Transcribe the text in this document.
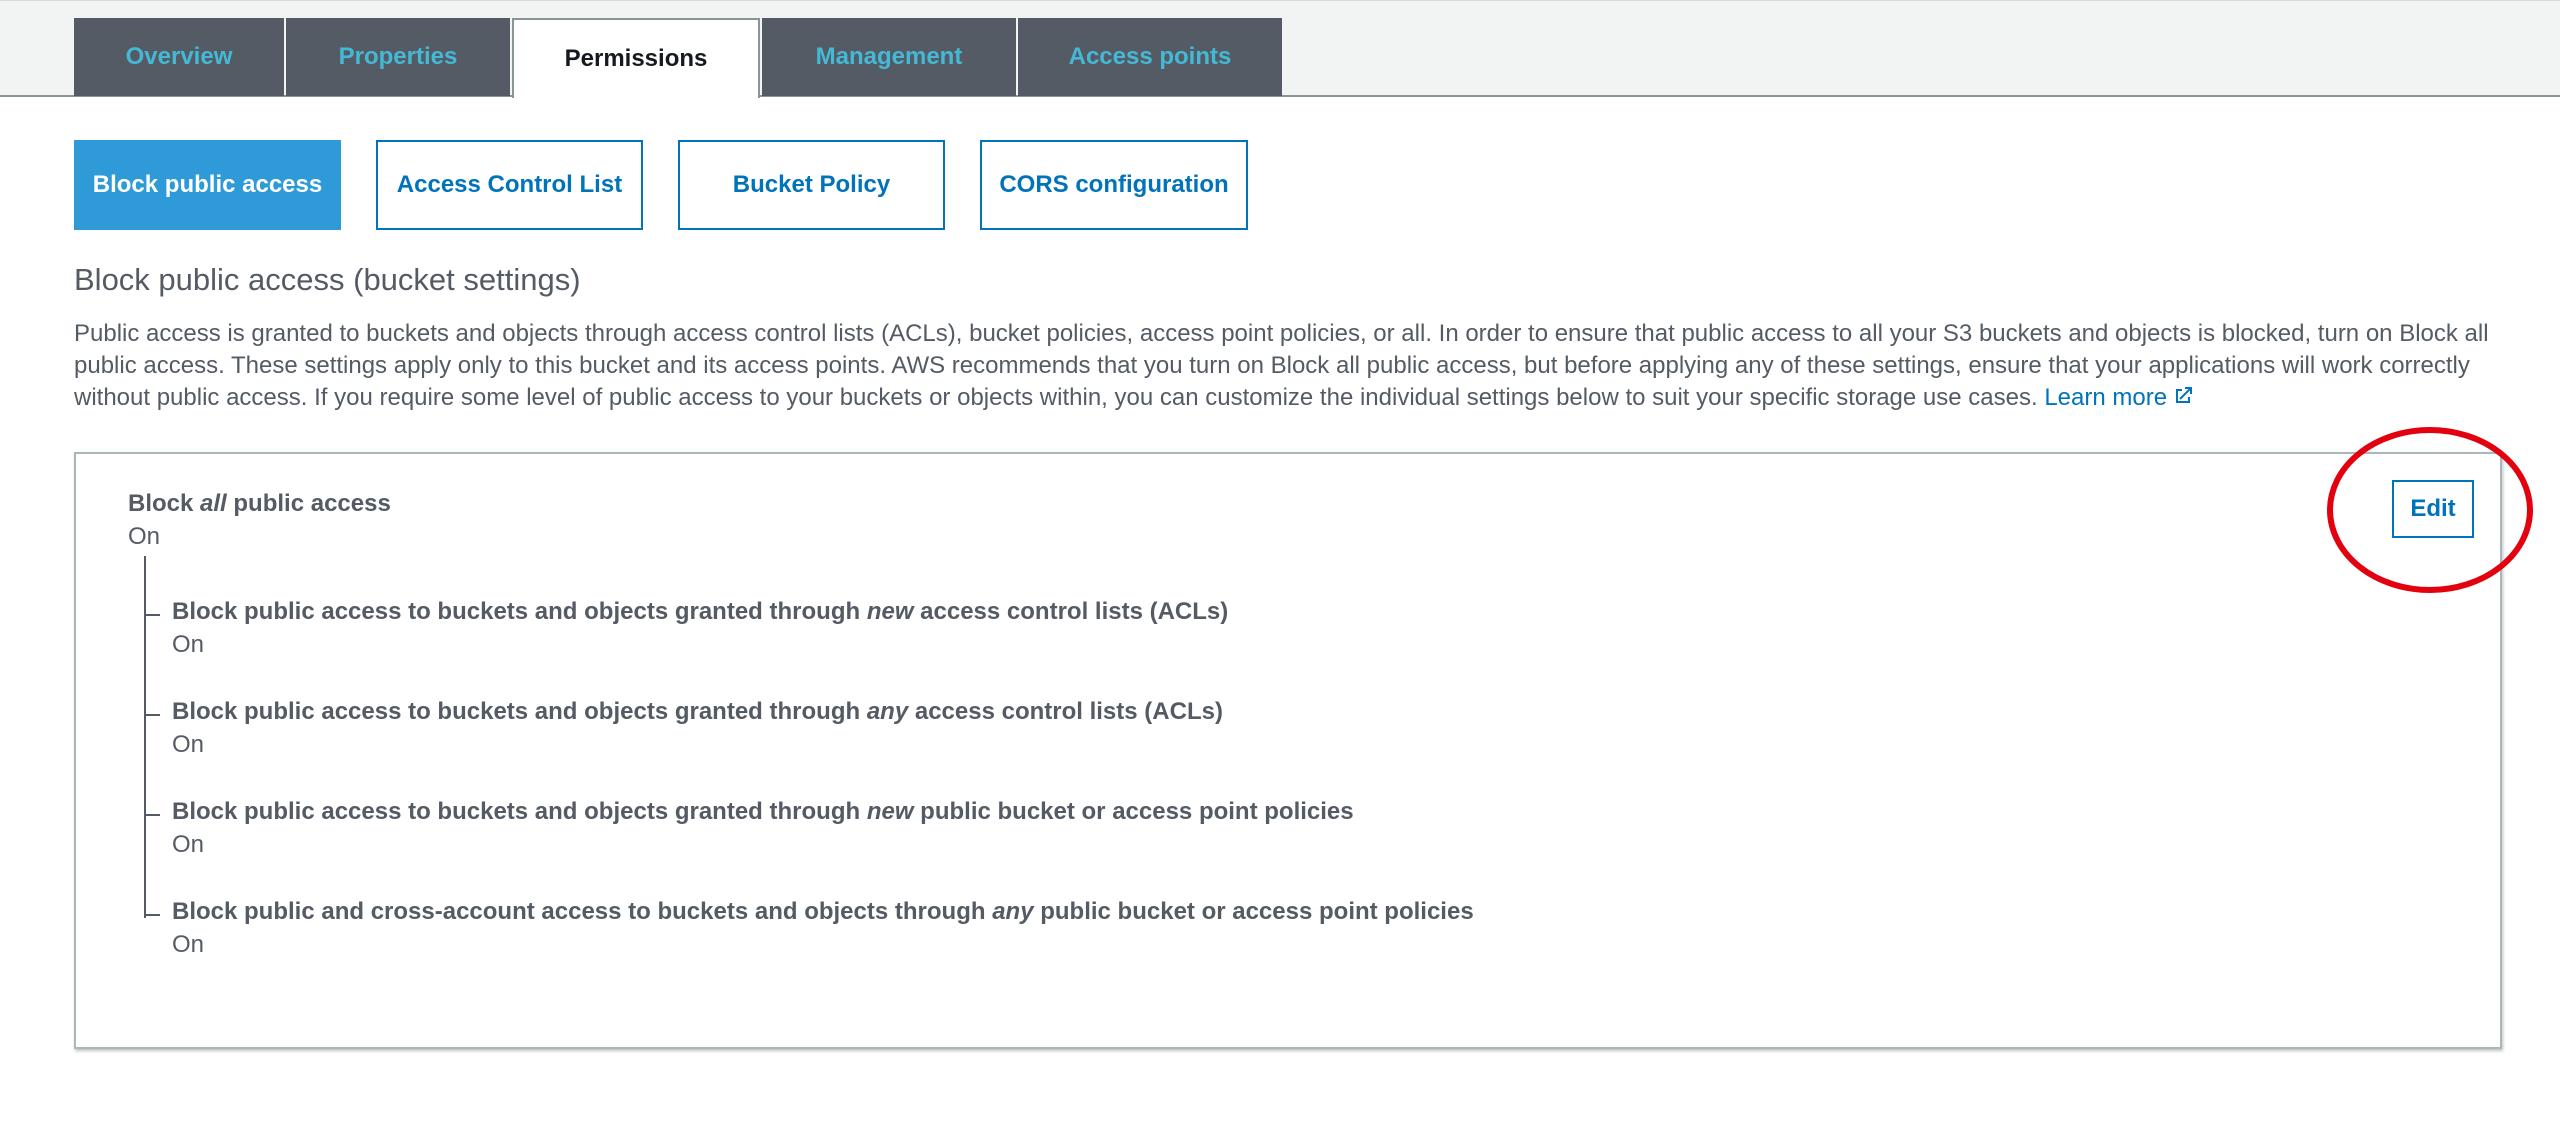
Overview	Properties	Permissions	Management	Access points
Block public access	Access Control List	Bucket Policy	CORS configuration
Block public access (bucket settings)
Public access is granted to buckets and objects through access control lists (ACLs), bucket policies, access point policies, or all. In order to ensure that public access to all your S3 buckets and objects is blocked, turn on Block all public access. These settings apply only to this bucket and its access points. AWS recommends that you turn on Block all public access, but before applying any of these settings, ensure that your applications will work correctly without public access. If you require some level of public access to your buckets or objects within, you can customize the individual settings below to suit your specific storage use cases. Learn more
Block all public access
On
Block public access to buckets and objects granted through new access control lists (ACLs)
On
Block public access to buckets and objects granted through any access control lists (ACLs)
On
Block public access to buckets and objects granted through new public bucket or access point policies
On
Block public and cross-account access to buckets and objects through any public bucket or access point policies
On
Edit
